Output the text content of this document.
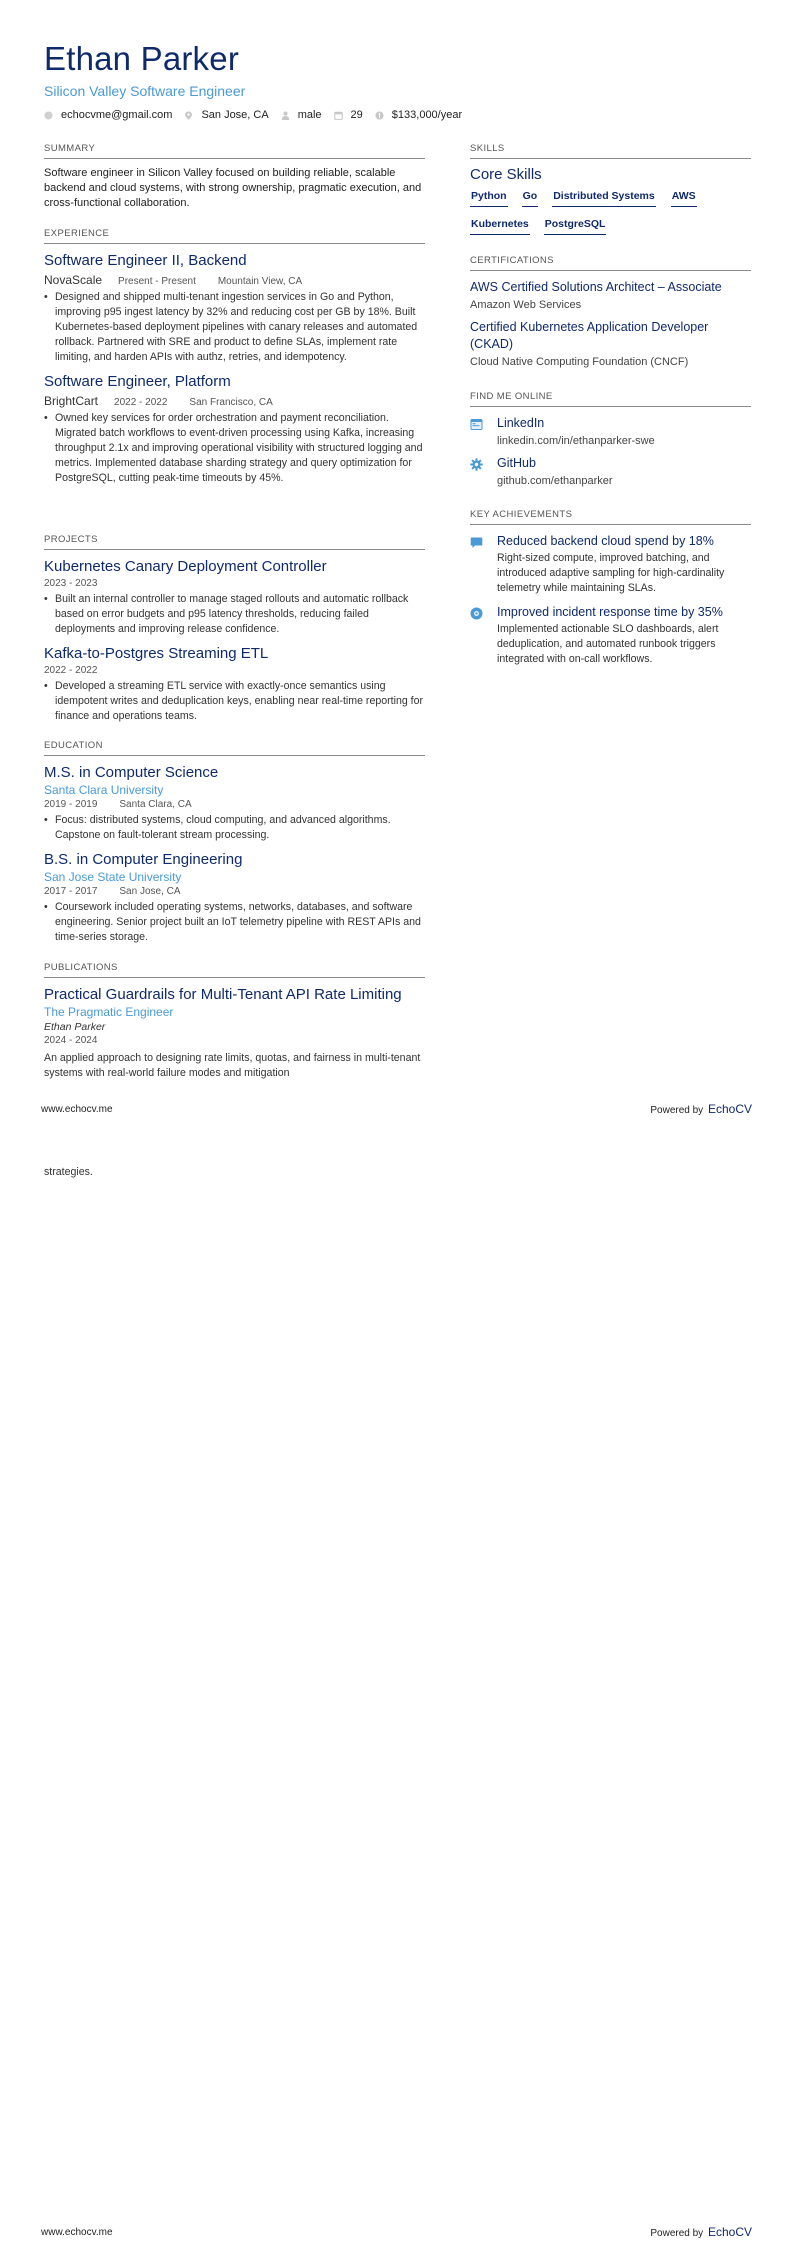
Ethan Parker
Silicon Valley Software Engineer
echocvme@gmail.com	San Jose, CA	male	29	$133,000/year
SUMMARY
Software engineer in Silicon Valley focused on building reliable, scalable backend and cloud systems, with strong ownership, pragmatic execution, and cross-functional collaboration.
EXPERIENCE
Software Engineer II, Backend
NovaScale Present - Present Mountain View, CA
• Designed and shipped multi-tenant ingestion services in Go and Python, improving p95 ingest latency by 32% and reducing cost per GB by 18%. Built Kubernetes-based deployment pipelines with canary releases and automated rollback. Partnered with SRE and product to define SLAs, implement rate limiting, and harden APIs with authz, retries, and idempotency.
Software Engineer, Platform
BrightCart 2022 - 2022 San Francisco, CA
• Owned key services for order orchestration and payment reconciliation. Migrated batch workflows to event-driven processing using Kafka, increasing throughput 2.1x and improving operational visibility with structured logging and metrics. Implemented database sharding strategy and query optimization for PostgreSQL, cutting peak-time timeouts by 45%.
PROJECTS
Kubernetes Canary Deployment Controller
2023 - 2023
• Built an internal controller to manage staged rollouts and automatic rollback based on error budgets and p95 latency thresholds, reducing failed deployments and improving release confidence.
Kafka-to-Postgres Streaming ETL
2022 - 2022
• Developed a streaming ETL service with exactly-once semantics using idempotent writes and deduplication keys, enabling near real-time reporting for finance and operations teams.
EDUCATION
M.S. in Computer Science
Santa Clara University
2019 - 2019 Santa Clara, CA
• Focus: distributed systems, cloud computing, and advanced algorithms. Capstone on fault-tolerant stream processing.
B.S. in Computer Engineering
San Jose State University
2017 - 2017 San Jose, CA
• Coursework included operating systems, networks, databases, and software engineering. Senior project built an IoT telemetry pipeline with REST APIs and time-series storage.
PUBLICATIONS
Practical Guardrails for Multi-Tenant API Rate Limiting
The Pragmatic Engineer
Ethan Parker
2024 - 2024
An applied approach to designing rate limits, quotas, and fairness in multi-tenant systems with real-world failure modes and mitigation
SKILLS
Core Skills
Python Go Distributed Systems AWS
Kubernetes PostgreSQL
CERTIFICATIONS
AWS Certified Solutions Architect – Associate
Amazon Web Services
Certified Kubernetes Application Developer (CKAD)
Cloud Native Computing Foundation (CNCF)
FIND ME ONLINE
LinkedIn
linkedin.com/in/ethanparker-swe
GitHub
github.com/ethanparker
KEY ACHIEVEMENTS
Reduced backend cloud spend by 18%
Right-sized compute, improved batching, and introduced adaptive sampling for high-cardinality telemetry while maintaining SLAs.
Improved incident response time by 35%
Implemented actionable SLO dashboards, alert deduplication, and automated runbook triggers integrated with on-call workflows.
www.echocv.me	Powered by EchoCV
strategies.
www.echocv.me	Powered by EchoCV
